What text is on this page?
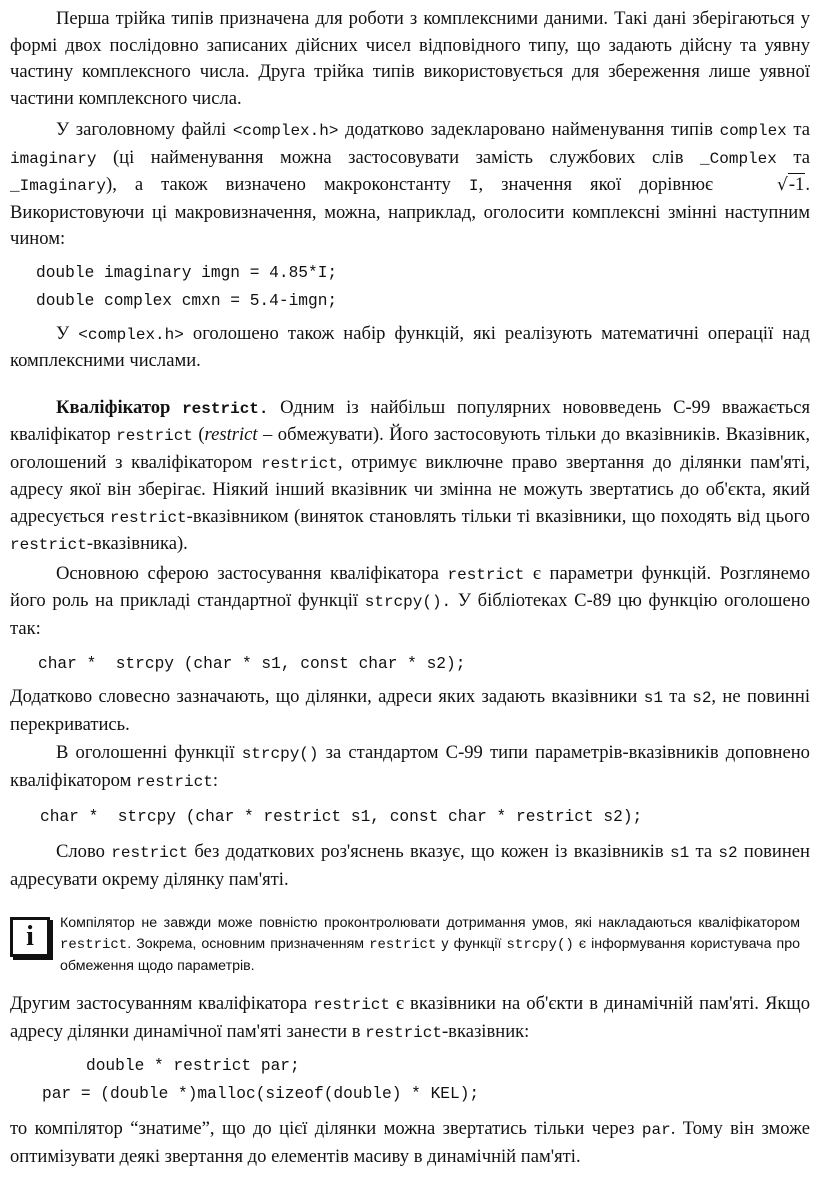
Перша трійка типів призначена для роботи з комплексними даними. Такі дані зберігаються у формі двох послідовно записаних дійсних чисел відповідного типу, що задають дійсну та уявну частину комплексного числа. Друга трійка типів використовується для збереження лише уявної частини комплексного числа.

У заголовному файлі <complex.h> додатково задекларовано найменування типів complex та imaginary (ці найменування можна застосовувати замість службових слів _Complex та _Imaginary), а також визначено макроконстанту I, значення якої дорівнює	√-1. Використовуючи ці макровизначення, можна, наприклад, оголосити комплексні змінні наступним чином:

double imaginary imgn = 4.85*I;
double complex cmxn = 5.4-imgn;

У <complex.h> оголошено також набір функцій, які реалізують математичні операції над комплексними числами.

Кваліфікатор restrict. Одним із найбільш популярних нововведень С-99 вважається кваліфікатор restrict (restrict – обмежувати). Його застосовують тільки до вказівників. Вказівник, оголошений з кваліфікатором restrict, отримує виключне право звертання до ділянки пам'яті, адресу якої він зберігає. Ніякий інший вказівник чи змінна не можуть звертатись до об'єкта, який адресується restrict-вказівником (виняток становлять тільки ті вказівники, що походять від цього restrict-вказівника).

Основною сферою застосування кваліфікатора restrict є параметри функцій. Розглянемо його роль на прикладі стандартної функції strcpy(). У бібліотеках С-89 цю функцію оголошено так:

char *  strcpy (char * s1, const char * s2);

Додатково словесно зазначають, що ділянки, адреси яких задають вказівники s1 та s2, не повинні перекриватись.

В оголошенні функції strcpy() за стандартом С-99 типи параметрів-вказівників доповнено кваліфікатором restrict:

char *  strcpy (char * restrict s1, const char * restrict s2);

Слово restrict без додаткових роз'яснень вказує, що кожен із вказівників s1 та s2 повинен адресувати окрему ділянку пам'яті.

i Компілятор не завжди може повністю проконтролювати дотримання умов, які накладаються кваліфікатором restrict. Зокрема, основним призначенням restrict у функції strcpy() є інформування користувача про обмеження щодо параметрів.

Другим застосуванням кваліфікатора restrict є вказівники на об'єкти в динамічній пам'яті. Якщо адресу ділянки динамічної пам'яті занести в restrict-вказівник:

double * restrict par;
par = (double *)malloc(sizeof(double) * KEL);

то компілятор “знатиме”, що до цієї ділянки можна звертатись тільки через par. Тому він зможе оптимізувати деякі звертання до елементів масиву в динамічній пам'яті.
